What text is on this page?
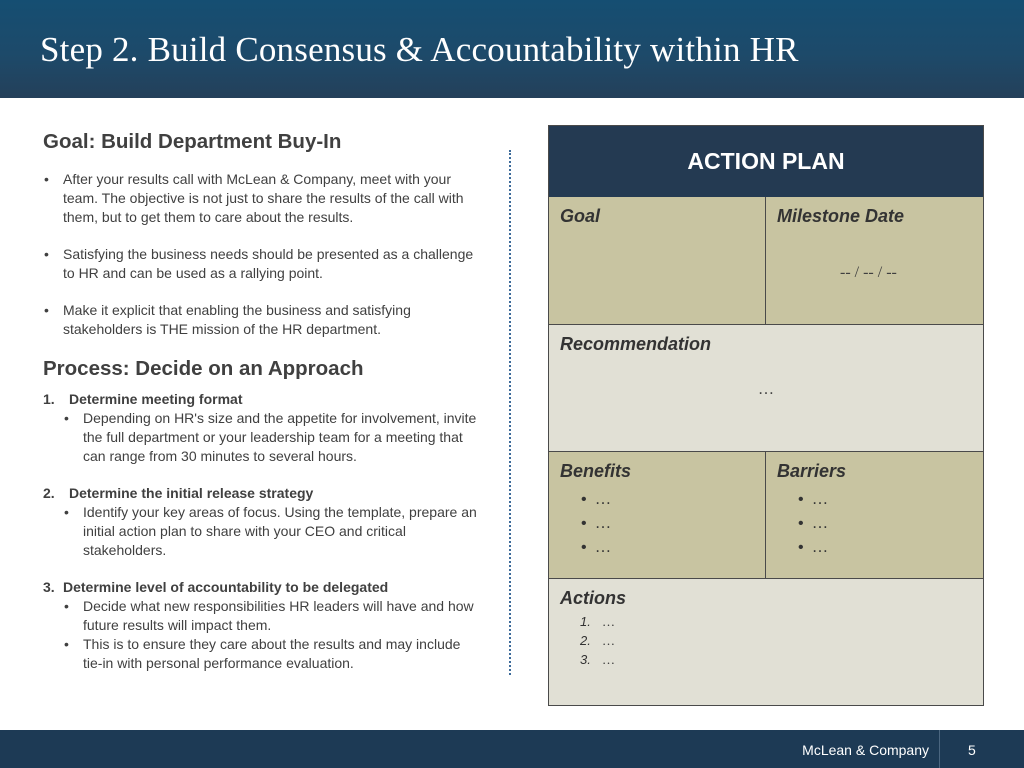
Step 2. Build Consensus & Accountability within HR
Goal: Build Department Buy-In
• After your results call with McLean & Company, meet with your team. The objective is not just to share the results of the call with them, but to get them to care about the results.
• Satisfying the business needs should be presented as a challenge to HR and can be used as a rallying point.
• Make it explicit that enabling the business and satisfying stakeholders is THE mission of the HR department.
Process: Decide on an Approach
1. Determine meeting format
• Depending on HR's size and the appetite for involvement, invite the full department or your leadership team for a meeting that can range from 30 minutes to several hours.
2. Determine the initial release strategy
• Identify your key areas of focus. Using the template, prepare an initial action plan to share with your CEO and critical stakeholders.
3. Determine level of accountability to be delegated
• Decide what new responsibilities HR leaders will have and how future results will impact them.
• This is to ensure they care about the results and may include tie-in with personal performance evaluation.
ACTION PLAN
Goal	Milestone Date
-- / -- / --
Recommendation
…
Benefits
• …
• …
• …
Barriers
• …
• …
• …
Actions
1. …
2. …
3. …
McLean & Company	5
